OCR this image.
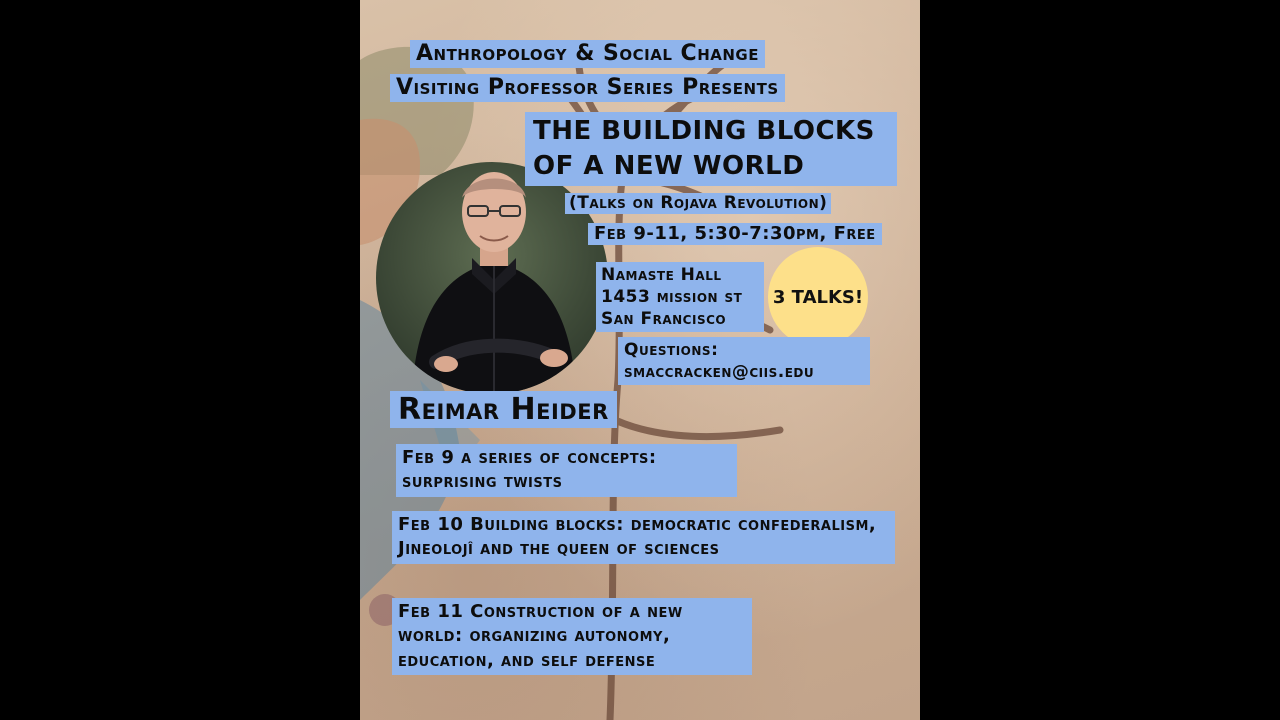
Anthropology & Social Change
Visiting Professor Series Presents
THE BUILDING BLOCKS OF A NEW WORLD
(Talks on Rojava Revolution)
Feb 9-11, 5:30-7:30pm, Free
Namaste Hall
1453 mission st
San Francisco
3 TALKS!
Questions:
smaccracken@ciis.edu
Reimar Heider
Feb 9 a series of concepts: surprising twists
Feb 10 Building blocks: democratic confederalism, Jineolojî and the queen of sciences
Feb 11 Construction of a new world: organizing autonomy, education, and self defense
